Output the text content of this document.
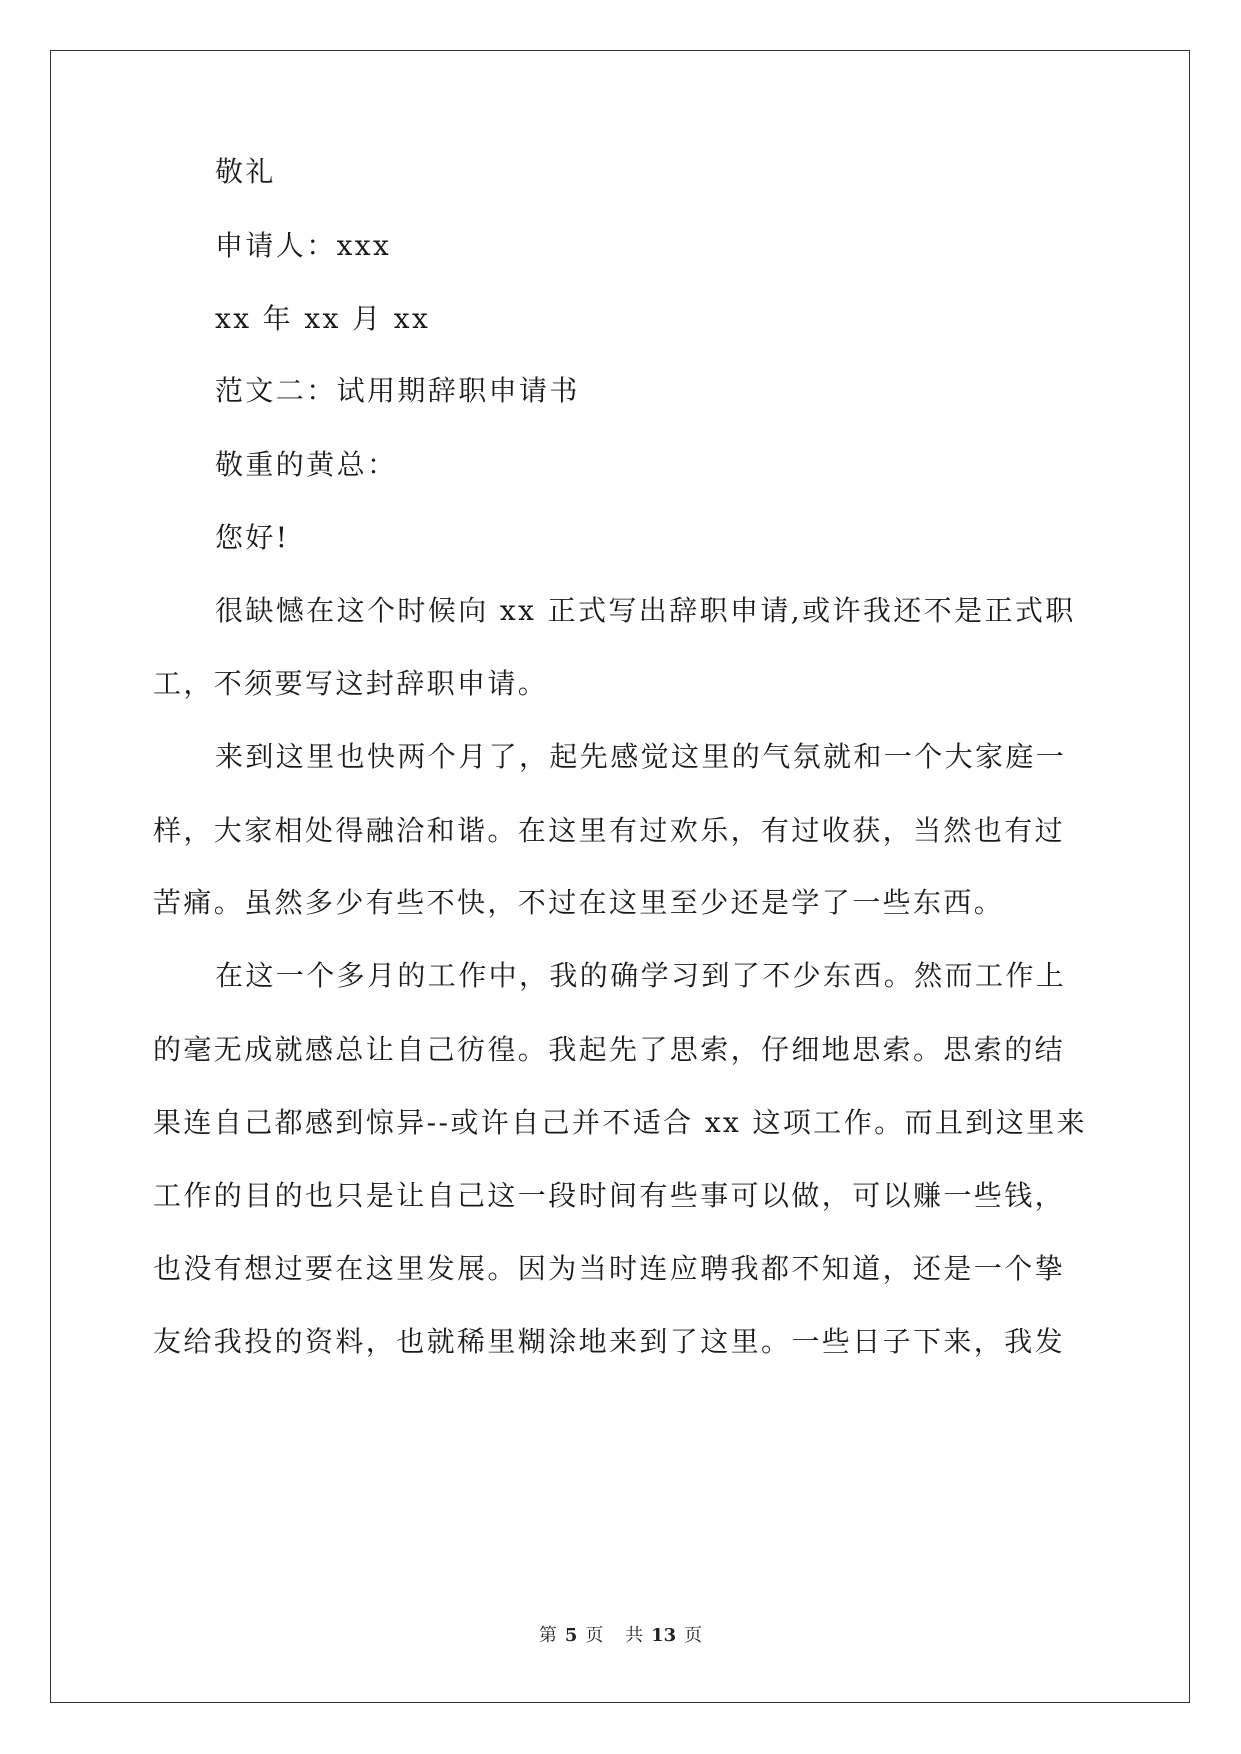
敬礼
申请人：xxx
xx 年 xx 月 xx
范文二：试用期辞职申请书
敬重的黄总：
您好!
很缺憾在这个时候向 xx 正式写出辞职申请,或许我还不是正式职
工，不须要写这封辞职申请。
来到这里也快两个月了，起先感觉这里的气氛就和一个大家庭一
样，大家相处得融洽和谐。在这里有过欢乐，有过收获，当然也有过
苦痛。虽然多少有些不快，不过在这里至少还是学了一些东西。
在这一个多月的工作中，我的确学习到了不少东西。然而工作上
的毫无成就感总让自己彷徨。我起先了思索，仔细地思索。思索的结
果连自己都感到惊异--或许自己并不适合 xx 这项工作。而且到这里来
工作的目的也只是让自己这一段时间有些事可以做，可以赚一些钱，
也没有想过要在这里发展。因为当时连应聘我都不知道，还是一个挚
友给我投的资料，也就稀里糊涂地来到了这里。一些日子下来，我发
第 5 页 共 13 页
